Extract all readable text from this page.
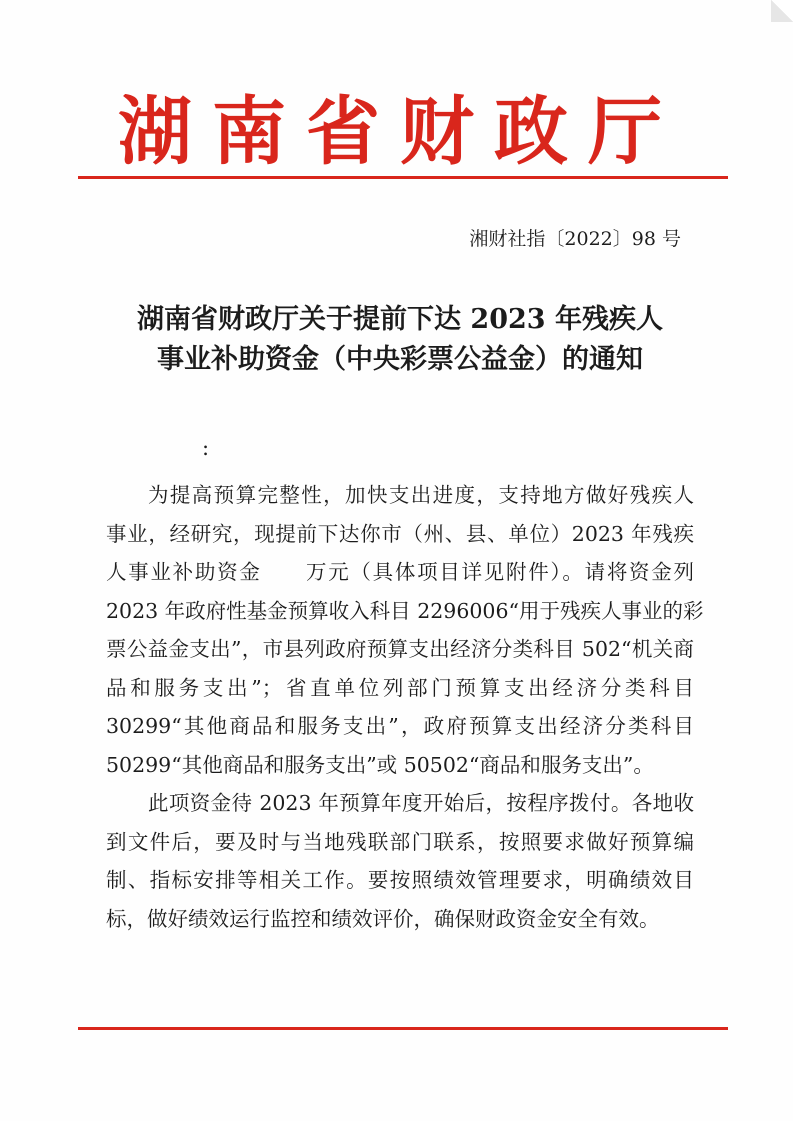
湖南省财政厅
湘财社指〔2022〕98 号
湖南省财政厅关于提前下达 2023 年残疾人
事业补助资金（中央彩票公益金）的通知
:
为提高预算完整性，加快支出进度，支持地方做好残疾人
事业，经研究，现提前下达你市（州、县、单位）2023 年残疾
人事业补助资金　　万元（具体项目详见附件）。请将资金列
2023 年政府性基金预算收入科目 2296006“用于残疾人事业的彩
票公益金支出”，市县列政府预算支出经济分类科目 502“机关商
品和服务支出”；省直单位列部门预算支出经济分类科目
30299“其他商品和服务支出”，政府预算支出经济分类科目
50299“其他商品和服务支出”或 50502“商品和服务支出”。
此项资金待 2023 年预算年度开始后，按程序拨付。各地收
到文件后，要及时与当地残联部门联系，按照要求做好预算编
制、指标安排等相关工作。要按照绩效管理要求，明确绩效目
标，做好绩效运行监控和绩效评价，确保财政资金安全有效。
